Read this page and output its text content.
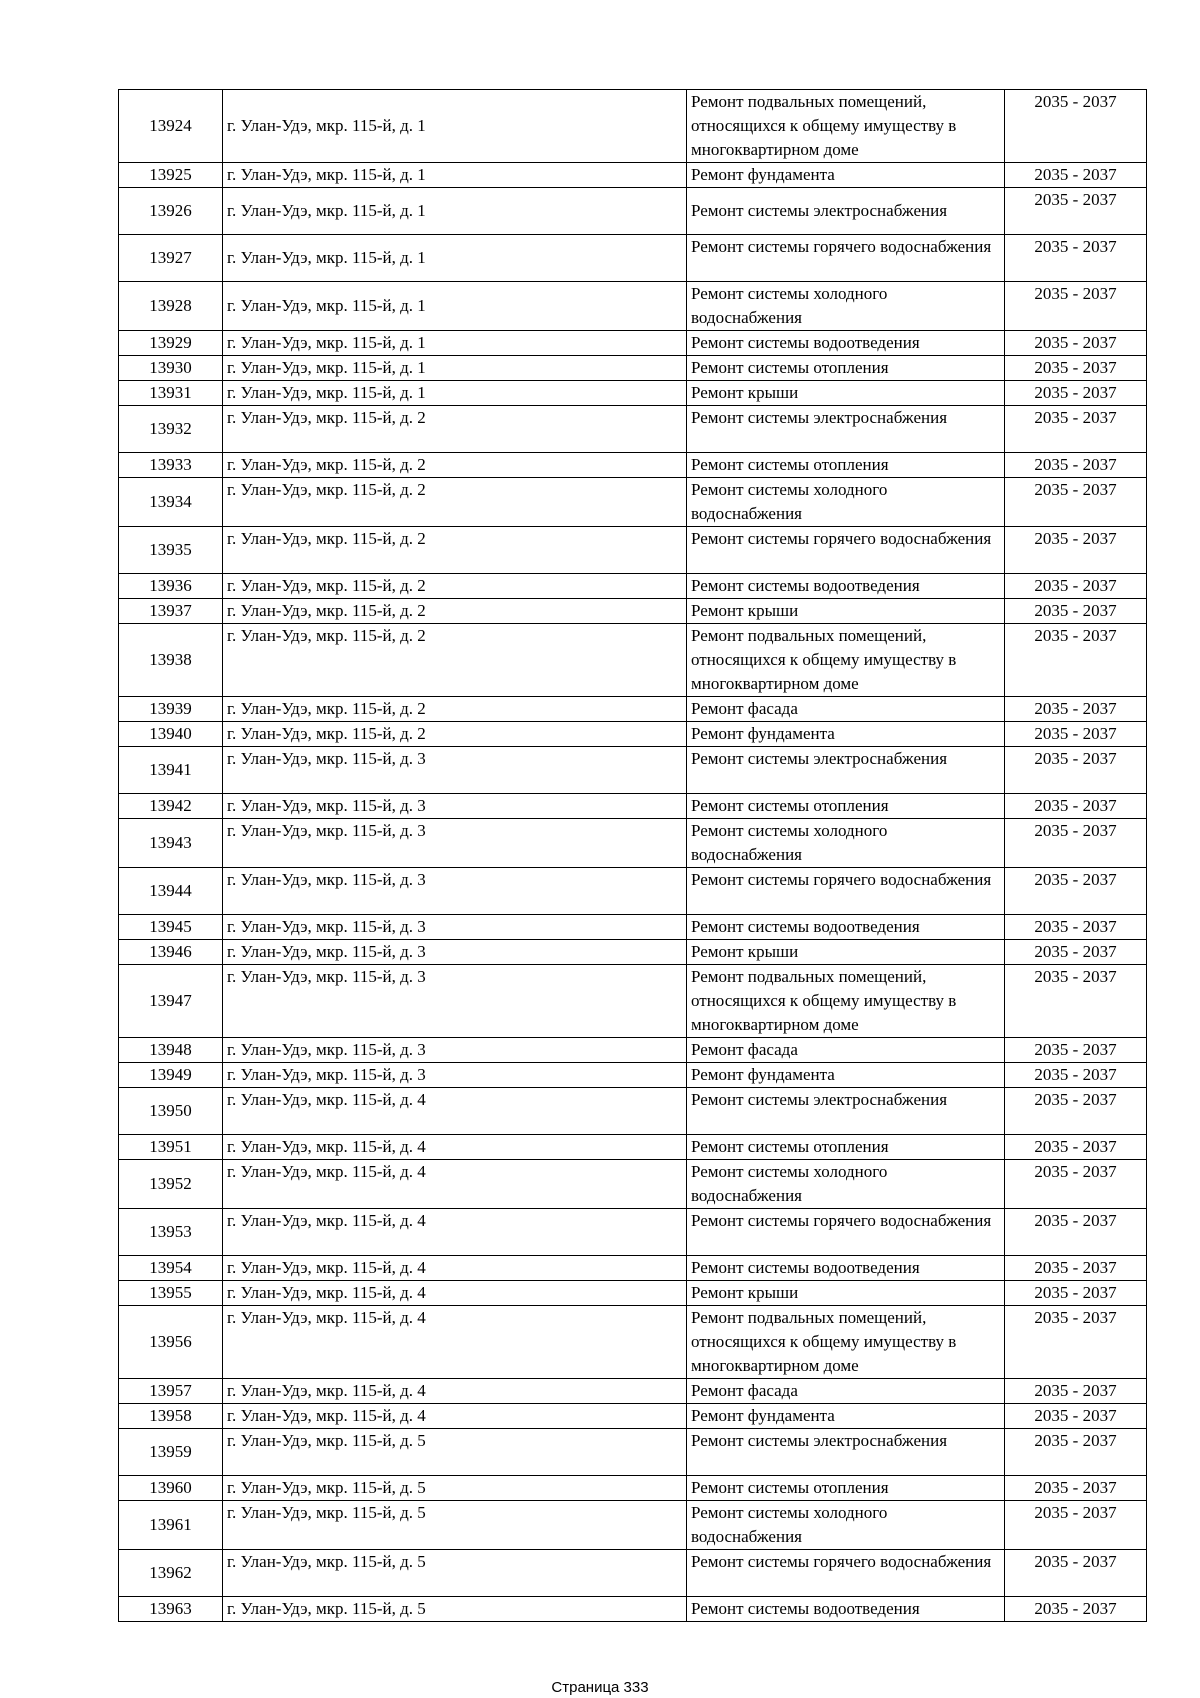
13924	г. Улан-Удэ, мкр. 115-й, д. 1	Ремонт подвальных помещений, относящихся к общему имуществу в многоквартирном доме	2035 - 2037
13925	г. Улан-Удэ, мкр. 115-й, д. 1	Ремонт фундамента	2035 - 2037
13926	г. Улан-Удэ, мкр. 115-й, д. 1	Ремонт системы электроснабжения	2035 - 2037
13927	г. Улан-Удэ, мкр. 115-й, д. 1	Ремонт системы горячего водоснабжения	2035 - 2037
13928	г. Улан-Удэ, мкр. 115-й, д. 1	Ремонт системы холодного водоснабжения	2035 - 2037
13929	г. Улан-Удэ, мкр. 115-й, д. 1	Ремонт системы водоотведения	2035 - 2037
13930	г. Улан-Удэ, мкр. 115-й, д. 1	Ремонт системы отопления	2035 - 2037
13931	г. Улан-Удэ, мкр. 115-й, д. 1	Ремонт крыши	2035 - 2037
13932	г. Улан-Удэ, мкр. 115-й, д. 2	Ремонт системы электроснабжения	2035 - 2037
13933	г. Улан-Удэ, мкр. 115-й, д. 2	Ремонт системы отопления	2035 - 2037
13934	г. Улан-Удэ, мкр. 115-й, д. 2	Ремонт системы холодного водоснабжения	2035 - 2037
13935	г. Улан-Удэ, мкр. 115-й, д. 2	Ремонт системы горячего водоснабжения	2035 - 2037
13936	г. Улан-Удэ, мкр. 115-й, д. 2	Ремонт системы водоотведения	2035 - 2037
13937	г. Улан-Удэ, мкр. 115-й, д. 2	Ремонт крыши	2035 - 2037
13938	г. Улан-Удэ, мкр. 115-й, д. 2	Ремонт подвальных помещений, относящихся к общему имуществу в многоквартирном доме	2035 - 2037
13939	г. Улан-Удэ, мкр. 115-й, д. 2	Ремонт фасада	2035 - 2037
13940	г. Улан-Удэ, мкр. 115-й, д. 2	Ремонт фундамента	2035 - 2037
13941	г. Улан-Удэ, мкр. 115-й, д. 3	Ремонт системы электроснабжения	2035 - 2037
13942	г. Улан-Удэ, мкр. 115-й, д. 3	Ремонт системы отопления	2035 - 2037
13943	г. Улан-Удэ, мкр. 115-й, д. 3	Ремонт системы холодного водоснабжения	2035 - 2037
13944	г. Улан-Удэ, мкр. 115-й, д. 3	Ремонт системы горячего водоснабжения	2035 - 2037
13945	г. Улан-Удэ, мкр. 115-й, д. 3	Ремонт системы водоотведения	2035 - 2037
13946	г. Улан-Удэ, мкр. 115-й, д. 3	Ремонт крыши	2035 - 2037
13947	г. Улан-Удэ, мкр. 115-й, д. 3	Ремонт подвальных помещений, относящихся к общему имуществу в многоквартирном доме	2035 - 2037
13948	г. Улан-Удэ, мкр. 115-й, д. 3	Ремонт фасада	2035 - 2037
13949	г. Улан-Удэ, мкр. 115-й, д. 3	Ремонт фундамента	2035 - 2037
13950	г. Улан-Удэ, мкр. 115-й, д. 4	Ремонт системы электроснабжения	2035 - 2037
13951	г. Улан-Удэ, мкр. 115-й, д. 4	Ремонт системы отопления	2035 - 2037
13952	г. Улан-Удэ, мкр. 115-й, д. 4	Ремонт системы холодного водоснабжения	2035 - 2037
13953	г. Улан-Удэ, мкр. 115-й, д. 4	Ремонт системы горячего водоснабжения	2035 - 2037
13954	г. Улан-Удэ, мкр. 115-й, д. 4	Ремонт системы водоотведения	2035 - 2037
13955	г. Улан-Удэ, мкр. 115-й, д. 4	Ремонт крыши	2035 - 2037
13956	г. Улан-Удэ, мкр. 115-й, д. 4	Ремонт подвальных помещений, относящихся к общему имуществу в многоквартирном доме	2035 - 2037
13957	г. Улан-Удэ, мкр. 115-й, д. 4	Ремонт фасада	2035 - 2037
13958	г. Улан-Удэ, мкр. 115-й, д. 4	Ремонт фундамента	2035 - 2037
13959	г. Улан-Удэ, мкр. 115-й, д. 5	Ремонт системы электроснабжения	2035 - 2037
13960	г. Улан-Удэ, мкр. 115-й, д. 5	Ремонт системы отопления	2035 - 2037
13961	г. Улан-Удэ, мкр. 115-й, д. 5	Ремонт системы холодного водоснабжения	2035 - 2037
13962	г. Улан-Удэ, мкр. 115-й, д. 5	Ремонт системы горячего водоснабжения	2035 - 2037
13963	г. Улан-Удэ, мкр. 115-й, д. 5	Ремонт системы водоотведения	2035 - 2037
Страница 333
